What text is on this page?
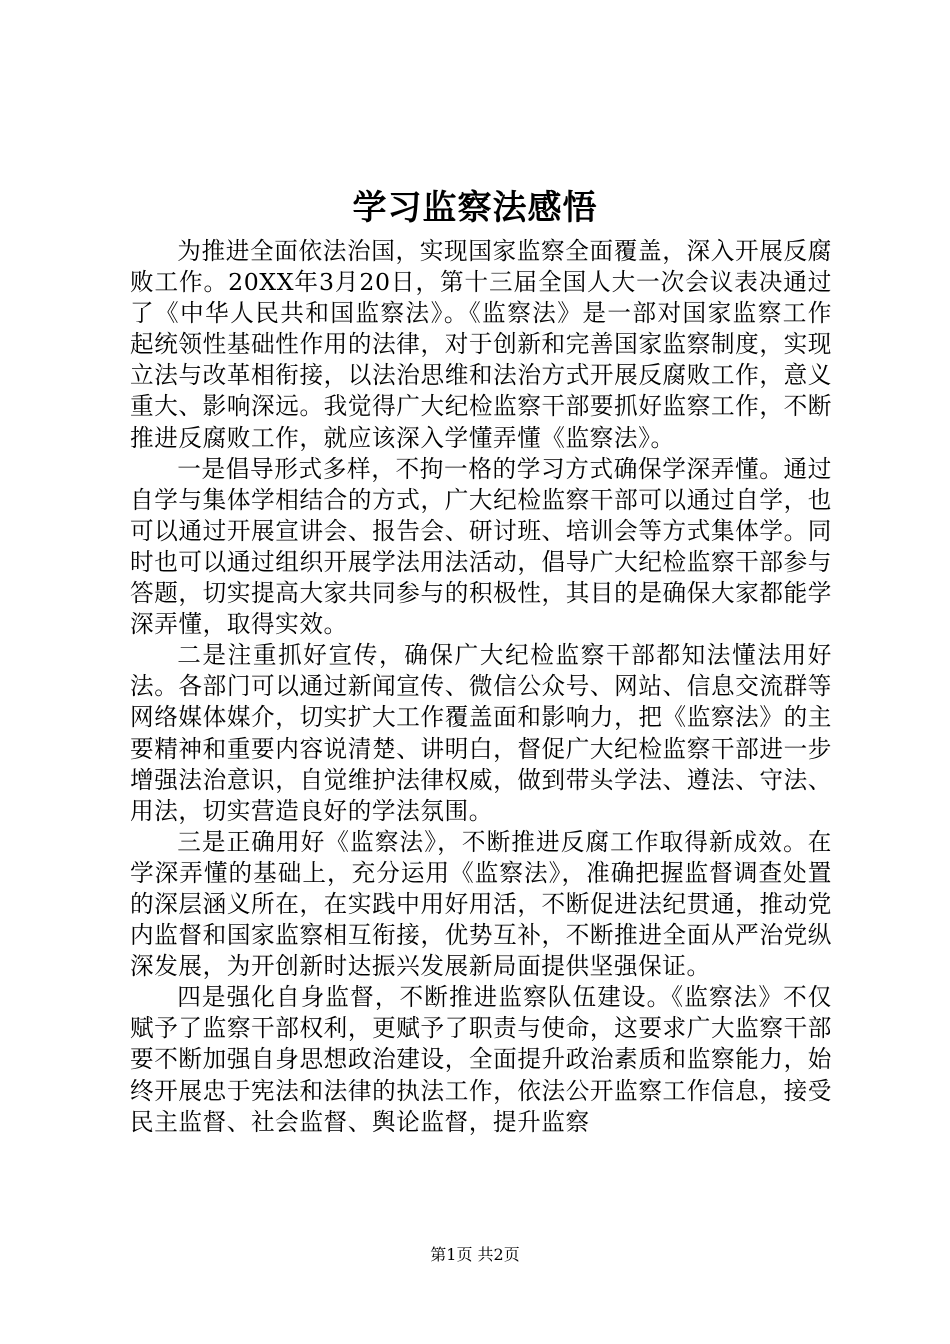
学习监察法感悟

为推进全面依法治国，实现国家监察全面覆盖，深入开展反腐败工作。20XX年3月20日，第十三届全国人大一次会议表决通过了《中华人民共和国监察法》。《监察法》是一部对国家监察工作起统领性基础性作用的法律，对于创新和完善国家监察制度，实现立法与改革相衔接，以法治思维和法治方式开展反腐败工作，意义重大、影响深远。我觉得广大纪检监察干部要抓好监察工作，不断推进反腐败工作，就应该深入学懂弄懂《监察法》。

一是倡导形式多样，不拘一格的学习方式确保学深弄懂。通过自学与集体学相结合的方式，广大纪检监察干部可以通过自学，也可以通过开展宣讲会、报告会、研讨班、培训会等方式集体学。同时也可以通过组织开展学法用法活动，倡导广大纪检监察干部参与答题，切实提高大家共同参与的积极性，其目的是确保大家都能学深弄懂，取得实效。

二是注重抓好宣传，确保广大纪检监察干部都知法懂法用好法。各部门可以通过新闻宣传、微信公众号、网站、信息交流群等网络媒体媒介，切实扩大工作覆盖面和影响力，把《监察法》的主要精神和重要内容说清楚、讲明白，督促广大纪检监察干部进一步增强法治意识，自觉维护法律权威，做到带头学法、遵法、守法、用法，切实营造良好的学法氛围。

三是正确用好《监察法》，不断推进反腐工作取得新成效。在学深弄懂的基础上，充分运用《监察法》，准确把握监督调查处置的深层涵义所在，在实践中用好用活，不断促进法纪贯通，推动党内监督和国家监察相互衔接，优势互补，不断推进全面从严治党纵深发展，为开创新时达振兴发展新局面提供坚强保证。

四是强化自身监督，不断推进监察队伍建设。《监察法》不仅赋予了监察干部权利，更赋予了职责与使命，这要求广大监察干部要不断加强自身思想政治建设，全面提升政治素质和监察能力，始终开展忠于宪法和法律的执法工作，依法公开监察工作信息，接受民主监督、社会监督、舆论监督，提升监察

第1页 共2页
